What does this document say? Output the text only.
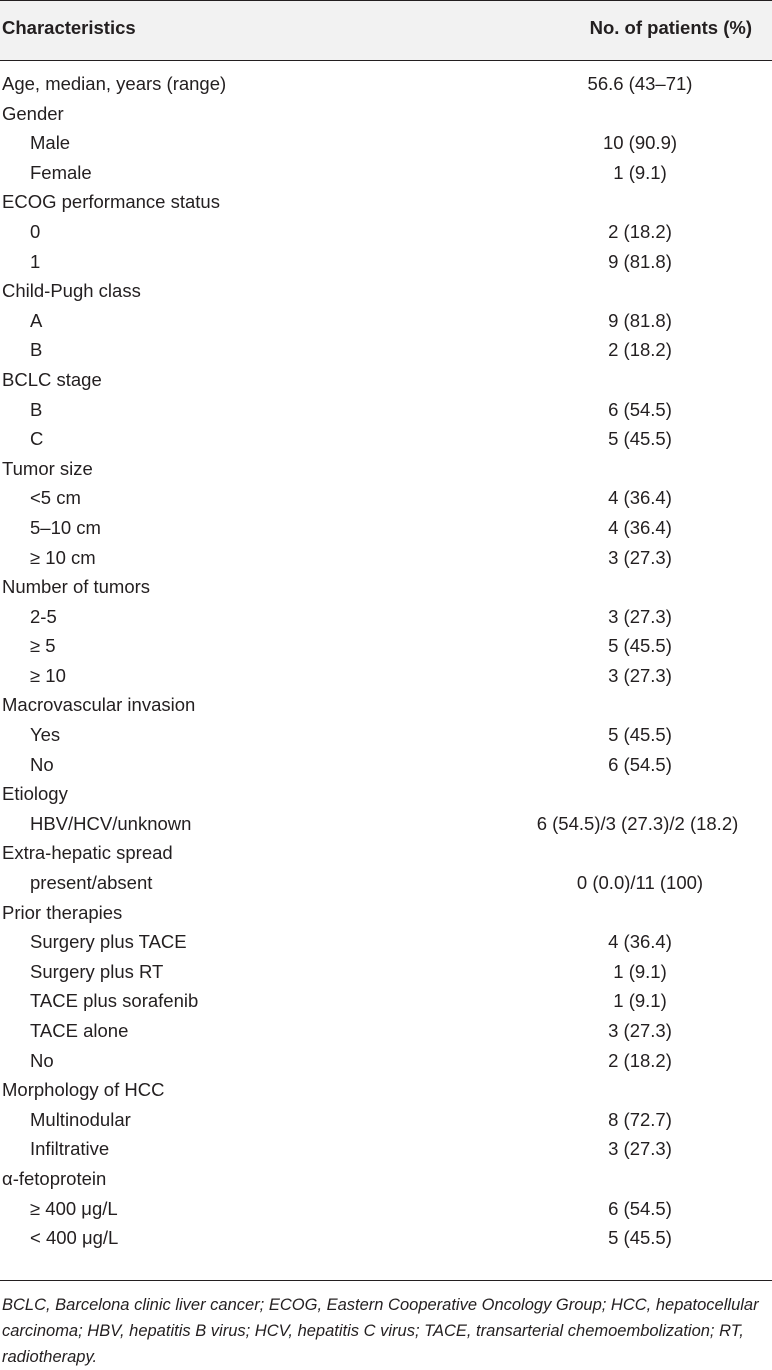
Characteristics	No. of patients (%)
Age, median, years (range)	56.6 (43–71)
Gender
Male	10 (90.9)
Female	1 (9.1)
ECOG performance status
0	2 (18.2)
1	9 (81.8)
Child-Pugh class
A	9 (81.8)
B	2 (18.2)
BCLC stage
B	6 (54.5)
C	5 (45.5)
Tumor size
<5 cm	4 (36.4)
5–10 cm	4 (36.4)
≥ 10 cm	3 (27.3)
Number of tumors
2-5	3 (27.3)
≥ 5	5 (45.5)
≥ 10	3 (27.3)
Macrovascular invasion
Yes	5 (45.5)
No	6 (54.5)
Etiology
HBV/HCV/unknown	6 (54.5)/3 (27.3)/2 (18.2)
Extra-hepatic spread
present/absent	0 (0.0)/11 (100)
Prior therapies
Surgery plus TACE	4 (36.4)
Surgery plus RT	1 (9.1)
TACE plus sorafenib	1 (9.1)
TACE alone	3 (27.3)
No	2 (18.2)
Morphology of HCC
Multinodular	8 (72.7)
Infiltrative	3 (27.3)
α-fetoprotein
≥ 400 μg/L	6 (54.5)
< 400 μg/L	5 (45.5)
BCLC, Barcelona clinic liver cancer; ECOG, Eastern Cooperative Oncology Group; HCC, hepatocellular carcinoma; HBV, hepatitis B virus; HCV, hepatitis C virus; TACE, transarterial chemoembolization; RT, radiotherapy.
